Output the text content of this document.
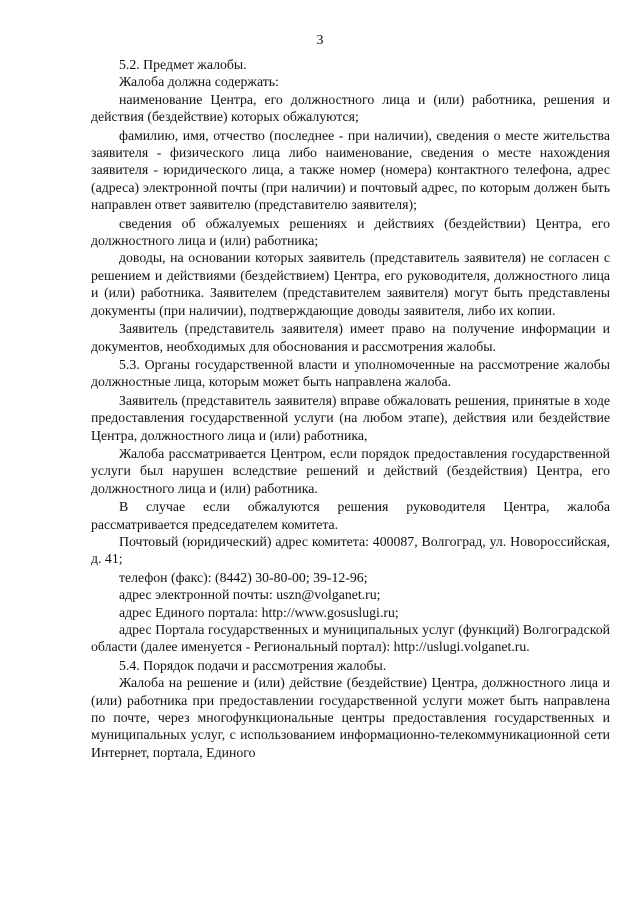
3

5.2. Предмет жалобы.

Жалоба должна содержать:

наименование Центра, его должностного лица и (или) работника, решения и действия (бездействие) которых обжалуются;

фамилию, имя, отчество (последнее - при наличии), сведения о месте жительства заявителя - физического лица либо наименование, сведения о месте нахождения заявителя - юридического лица, а также номер (номера) контактного телефона, адрес (адреса) электронной почты (при наличии) и почтовый адрес, по которым должен быть направлен ответ заявителю (представителю заявителя);

сведения об обжалуемых решениях и действиях (бездействии) Центра, его должностного лица и (или) работника;

доводы, на основании которых заявитель (представитель заявителя) не согласен с решением и действиями (бездействием) Центра, его руководителя, должностного лица и (или) работника. Заявителем (представителем заявителя) могут быть представлены документы (при наличии), подтверждающие доводы заявителя, либо их копии.

Заявитель (представитель заявителя) имеет право на получение информации и документов, необходимых для обоснования и рассмотрения жалобы.

5.3. Органы государственной власти и уполномоченные на рассмотрение жалобы должностные лица, которым может быть направлена жалоба.

Заявитель (представитель заявителя) вправе обжаловать решения, принятые в ходе предоставления государственной услуги (на любом этапе), действия или бездействие Центра, должностного лица и (или) работника,

Жалоба рассматривается Центром, если порядок предоставления государственной услуги был нарушен вследствие решений и действий (бездействия) Центра, его должностного лица и (или) работника.

В случае если обжалуются решения руководителя Центра, жалоба рассматривается председателем комитета.

Почтовый (юридический) адрес комитета: 400087, Волгоград, ул. Новороссийская, д. 41;

телефон (факс): (8442) 30-80-00; 39-12-96;

адрес электронной почты: uszn@volganet.ru;

адрес Единого портала: http://www.gosuslugi.ru;

адрес Портала государственных и муниципальных услуг (функций) Волгоградской области (далее именуется - Региональный портал): http://uslugi.volganet.ru.

5.4. Порядок подачи и рассмотрения жалобы.

Жалоба на решение и (или) действие (бездействие) Центра, должностного лица и (или) работника при предоставлении государственной услуги может быть направлена по почте, через многофункциональные центры предоставления государственных и муниципальных услуг, с использованием информационно-телекоммуникационной сети Интернет, портала, Единого
